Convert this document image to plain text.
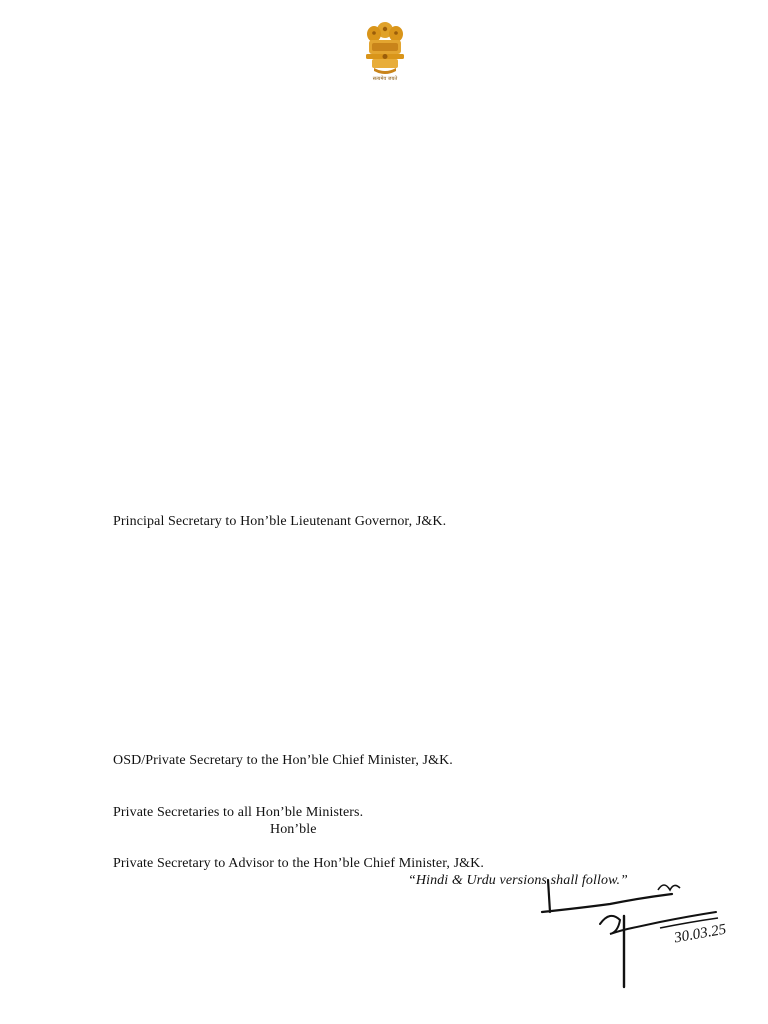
सत्यमेव जयते
Principal Secretary to Hon’ble Lieutenant Governor, J&K.
OSD/Private Secretary to the Hon’ble Chief Minister, J&K.
Private Secretaries to all Hon’ble Ministers.
Hon’ble
Private Secretary to Advisor to the Hon’ble Chief Minister, J&K.
“Hindi & Urdu versions shall follow.”
30.03.25
